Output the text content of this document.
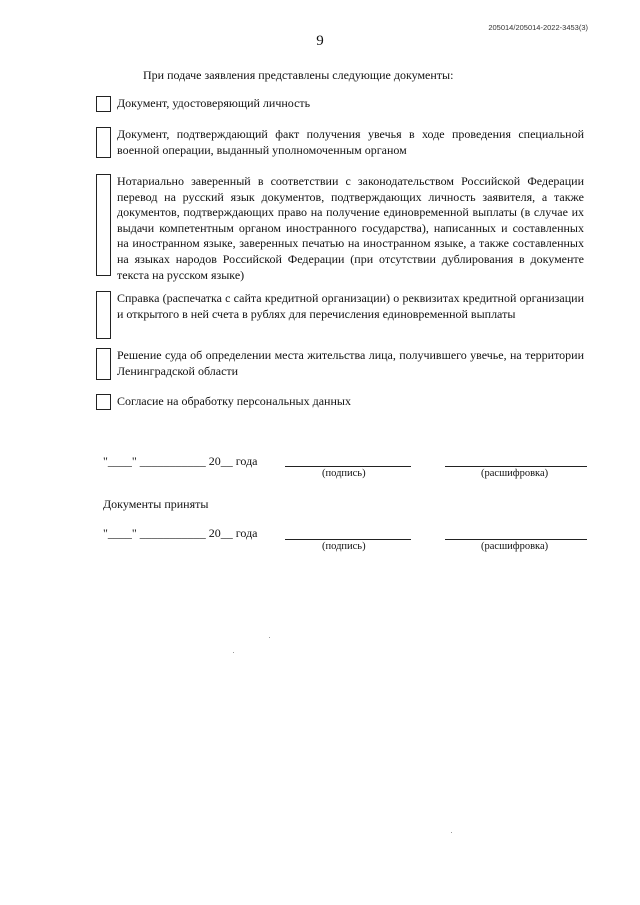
205014/205014-2022-3453(3)
9
При подаче заявления представлены следующие документы:
Документ, удостоверяющий личность
Документ, подтверждающий факт получения увечья в ходе проведения специальной военной операции, выданный уполномоченным органом
Нотариально заверенный в соответствии с законодательством Российской Федерации перевод на русский язык документов, подтверждающих личность заявителя, а также документов, подтверждающих право на получение единовременной выплаты (в случае их выдачи компетентным органом иностранного государства), написанных и составленных на иностранном языке, заверенных печатью на иностранном языке, а также составленных на языках народов Российской Федерации (при отсутствии дублирования в документе текста на русском языке)
Справка (распечатка с сайта кредитной организации) о реквизитах кредитной организации и открытого в ней счета в рублях для перечисления единовременной выплаты
Решение суда об определении места жительства лица, получившего увечье, на территории Ленинградской области
Согласие на обработку персональных данных
"____" ___________ 20__ года
(подпись)	(расшифровка)
Документы приняты
"____" ___________ 20__ года
(подпись)	(расшифровка)
